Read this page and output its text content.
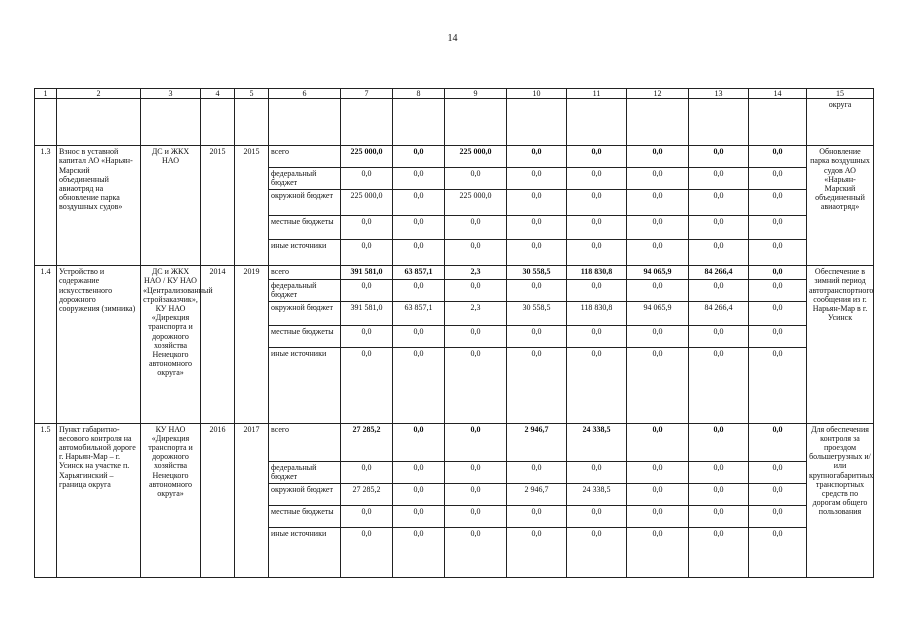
14
1	2	3	4	5	6	7	8	9	10	11	12	13	14	15
														округа
1.3	Взнос в уставной капитал АО «Нарьян-Марский объединенный авиаотряд на обновление парка воздушных судов»	ДС и ЖКХ НАО	2015	2015	всего	225 000,0	0,0	225 000,0	0,0	0,0	0,0	0,0	0,0	Обновление парка воздушных судов АО «Нарьян-Марский объединенный авиаотряд»
					федеральный бюджет	0,0	0,0	0,0	0,0	0,0	0,0	0,0	0,0	
					окружной бюджет	225 000,0	0,0	225 000,0	0,0	0,0	0,0	0,0	0,0	
					местные бюджеты	0,0	0,0	0,0	0,0	0,0	0,0	0,0	0,0	
					иные источники	0,0	0,0	0,0	0,0	0,0	0,0	0,0	0,0	
1.4	Устройство и содержание искусственного дорожного сооружения (зимника)	ДС и ЖКХ НАО / КУ НАО «Централизованный стройзаказчик», КУ НАО «Дирекция транспорта и дорожного хозяйства Ненецкого автономного округа»	2014	2019	всего	391 581,0	63 857,1	2,3	30 558,5	118 830,8	94 065,9	84 266,4	0,0	Обеспечение в зимний период автотранспортного сообщения из г. Нарьян-Мар в г. Усинск
					федеральный бюджет	0,0	0,0	0,0	0,0	0,0	0,0	0,0	0,0	
					окружной бюджет	391 581,0	63 857,1	2,3	30 558,5	118 830,8	94 065,9	84 266,4	0,0	
					местные бюджеты	0,0	0,0	0,0	0,0	0,0	0,0	0,0	0,0	
					иные источники	0,0	0,0	0,0	0,0	0,0	0,0	0,0	0,0	
1.5	Пункт габаритно-весового контроля на автомобильной дороге г. Нарьян-Мар – г. Усинск на участке п. Харьягинский – граница округа	КУ НАО «Дирекция транспорта и дорожного хозяйства Ненецкого автономного округа»	2016	2017	всего	27 285,2	0,0	0,0	2 946,7	24 338,5	0,0	0,0	0,0	Для обеспечения контроля за проездом большегрузных и/или крупногабаритных транспортных средств по дорогам общего пользования
					федеральный бюджет	0,0	0,0	0,0	0,0	0,0	0,0	0,0	0,0	
					окружной бюджет	27 285,2	0,0	0,0	2 946,7	24 338,5	0,0	0,0	0,0	
					местные бюджеты	0,0	0,0	0,0	0,0	0,0	0,0	0,0	0,0	
					иные источники	0,0	0,0	0,0	0,0	0,0	0,0	0,0	0,0	
